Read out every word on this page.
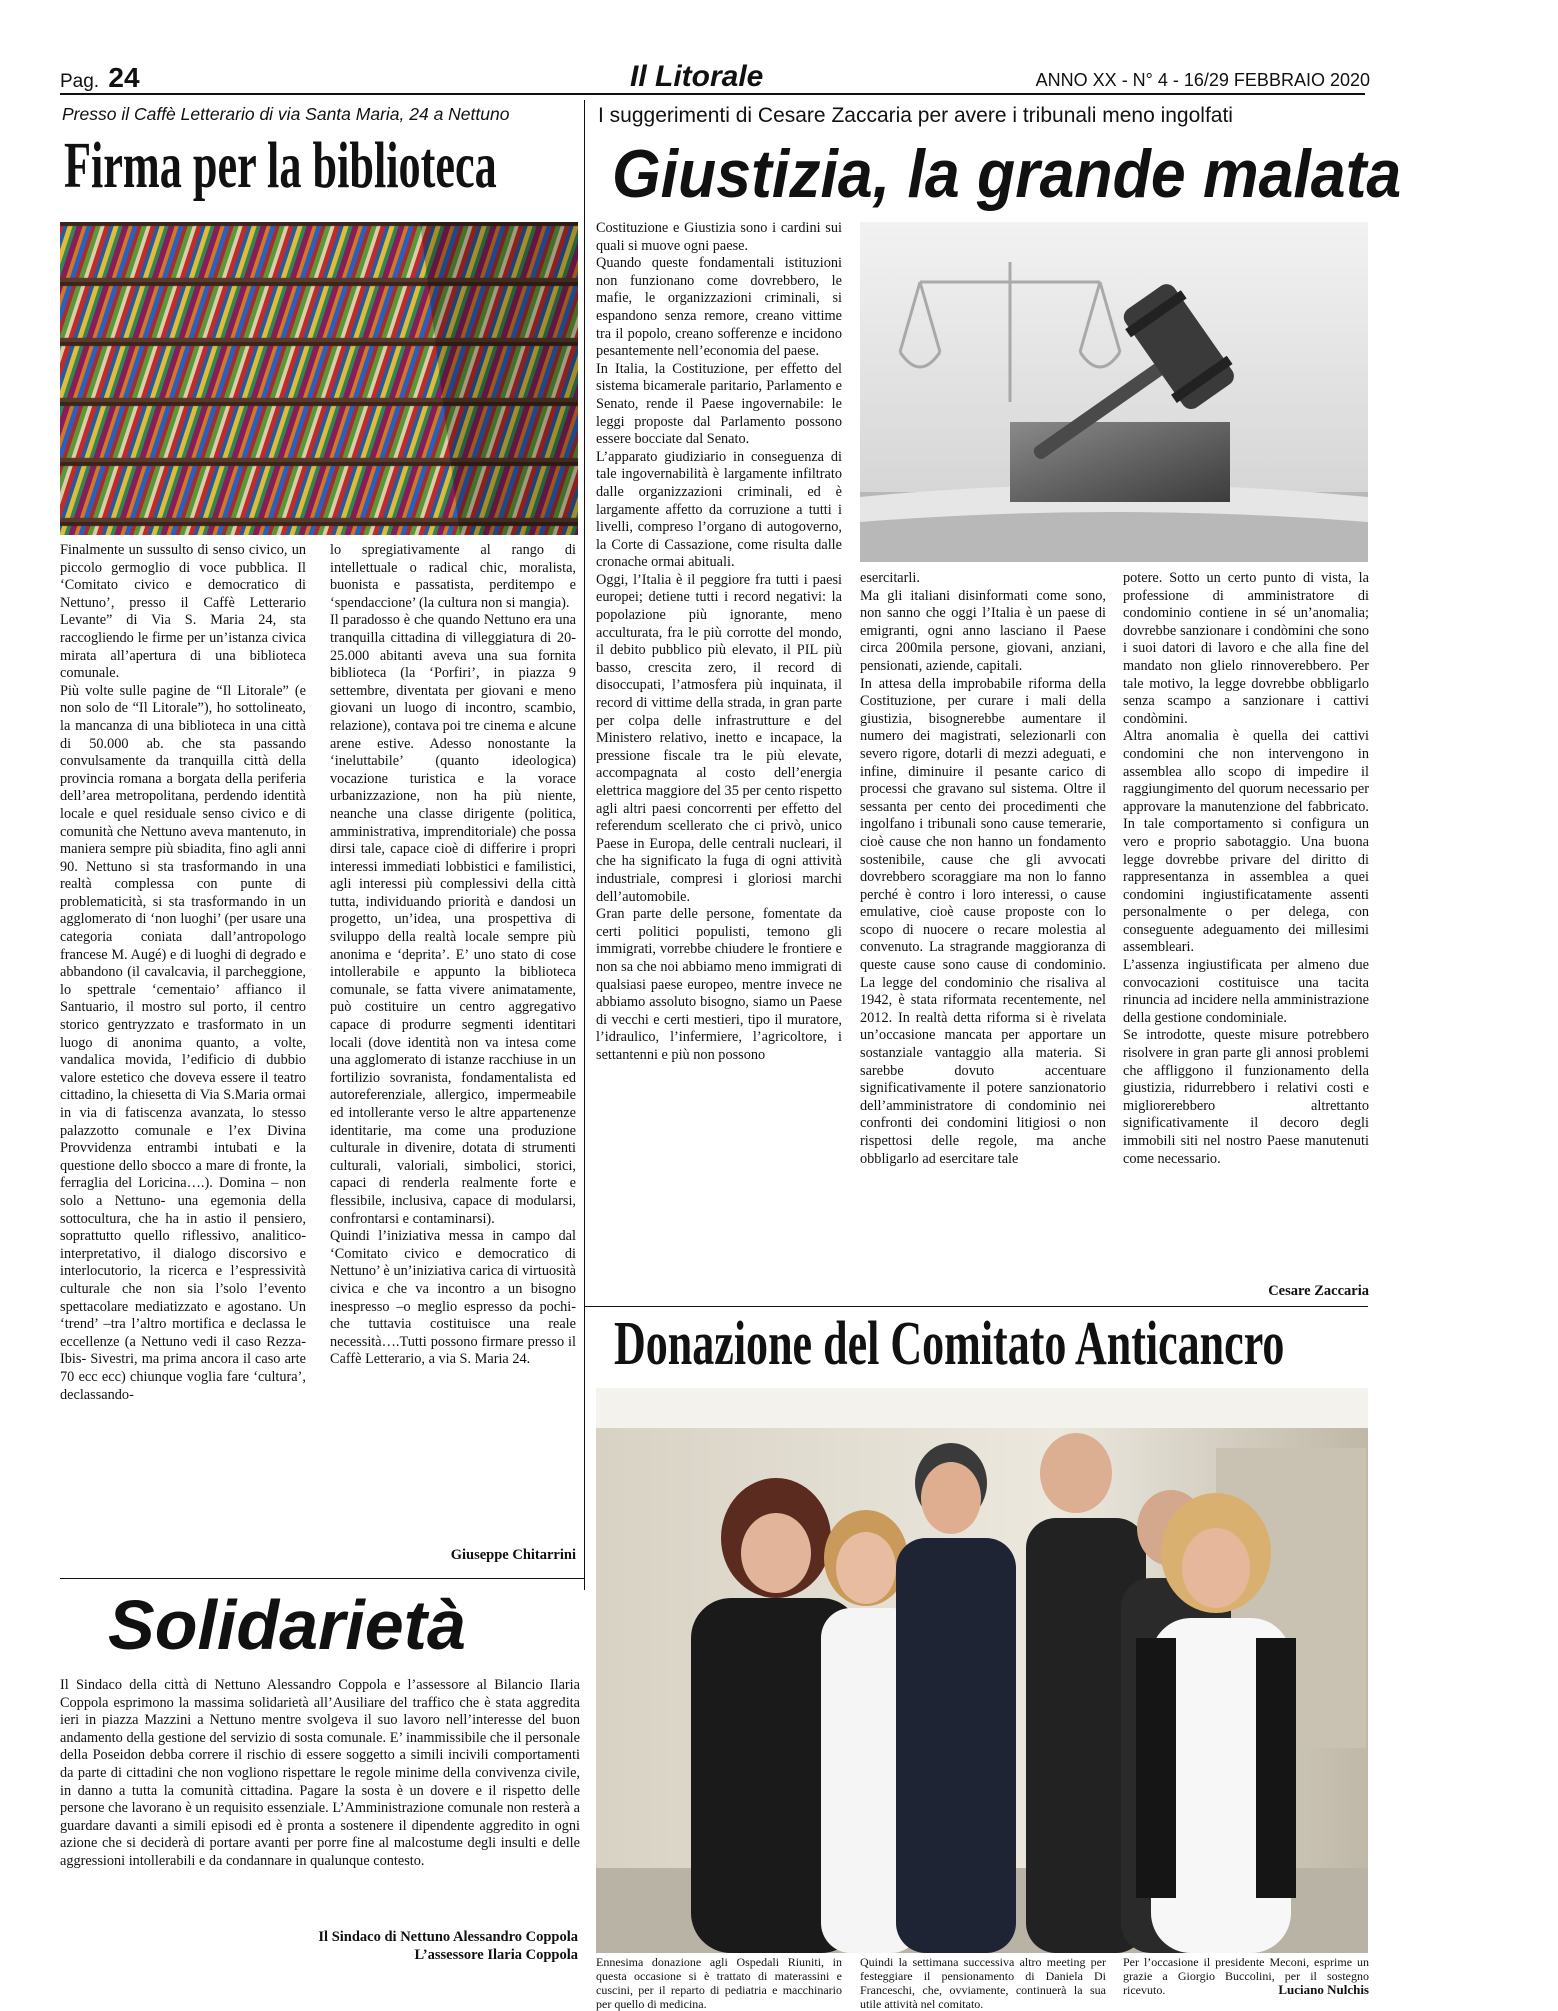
Pag. 24	Il Litorale	ANNO XX - N° 4 - 16/29 FEBBRAIO 2020
Presso il Caffè Letterario di via Santa Maria, 24 a Nettuno
Firma per la biblioteca

Finalmente un sussulto di senso civico, un piccolo germoglio di voce pubblica. Il ‘Comitato civico e democratico di Nettuno’, presso il Caffè Letterario Levante” di Via S. Maria 24, sta raccogliendo le firme per un’istanza civica mirata all’apertura di una biblioteca comunale.

Più volte sulle pagine de “Il Litorale” (e non solo de “Il Litorale”), ho sottolineato, la mancanza di una biblioteca in una città di 50.000 ab. che sta passando convulsamente da tranquilla città della provincia romana a borgata della periferia dell’area metropolitana, perdendo identità locale e quel residuale senso civico e di comunità che Nettuno aveva mantenuto, in maniera sempre più sbiadita, fino agli anni 90. Nettuno si sta trasformando in una realtà complessa con punte di problematicità, si sta trasformando in un agglomerato di ‘non luoghi’ (per usare una categoria coniata dall’antropologo francese M. Augé) e di luoghi di degrado e abbandono (il cavalcavia, il parcheggione, lo spettrale ‘cementaio’ affianco il Santuario, il mostro sul porto, il centro storico gentryzzato e trasformato in un luogo di anonima quanto, a volte, vandalica movida, l’edificio di dubbio valore estetico che doveva essere il teatro cittadino, la chiesetta di Via S.Maria ormai in via di fatiscenza avanzata, lo stesso palazzotto comunale e l’ex Divina Provvidenza entrambi intubati e la questione dello sbocco a mare di fronte, la ferraglia del Loricina….). Domina – non solo a Nettuno- una egemonia della sottocultura, che ha in astio il pensiero, soprattutto quello riflessivo, analitico-interpretativo, il dialogo discorsivo e interlocutorio, la ricerca e l’espressività culturale che non sia l’solo l’evento spettacolare mediatizzato e agostano. Un ‘trend’ –tra l’altro mortifica e declassa le eccellenze (a Nettuno vedi il caso Rezza-Ibis- Sivestri, ma prima ancora il caso arte 70 ecc ecc) chiunque voglia fare ‘cultura’, declassando-

lo spregiativamente al rango di intellettuale o radical chic, moralista, buonista e passatista, perditempo e ‘spendaccione’ (la cultura non si mangia).

Il paradosso è che quando Nettuno era una tranquilla cittadina di villeggiatura di 20-25.000 abitanti aveva una sua fornita biblioteca (la ‘Porfiri’, in piazza 9 settembre, diventata per giovani e meno giovani un luogo di incontro, scambio, relazione), contava poi tre cinema e alcune arene estive. Adesso nonostante la ‘ineluttabile’ (quanto ideologica) vocazione turistica e la vorace urbanizzazione, non ha più niente, neanche una classe dirigente (politica, amministrativa, imprenditoriale) che possa dirsi tale, capace cioè di differire i propri interessi immediati lobbistici e familistici, agli interessi più complessivi della città tutta, individuando priorità e dandosi un progetto, un’idea, una prospettiva di sviluppo della realtà locale sempre più anonima e ‘deprita’. E’ uno stato di cose intollerabile e appunto la biblioteca comunale, se fatta vivere animatamente, può costituire un centro aggregativo capace di produrre segmenti identitari locali (dove identità non va intesa come una agglomerato di istanze racchiuse in un fortilizio sovranista, fondamentalista ed autoreferenziale, allergico, impermeabile ed intollerante verso le altre appartenenze identitarie, ma come una produzione culturale in divenire, dotata di strumenti culturali, valoriali, simbolici, storici, capaci di renderla realmente forte e flessibile, inclusiva, capace di modularsi, confrontarsi e contaminarsi).

Quindi l’iniziativa messa in campo dal ‘Comitato civico e democratico di Nettuno’ è un’iniziativa carica di virtuosità civica e che va incontro a un bisogno inespresso –o meglio espresso da pochi- che tuttavia costituisce una reale necessità….Tutti possono firmare presso il Caffè Letterario, a via S. Maria 24.

Giuseppe Chitarrini
Solidarietà
Il Sindaco della città di Nettuno Alessandro Coppola e l’assessore al Bilancio Ilaria Coppola esprimono la massima solidarietà all’Ausiliare del traffico che è stata aggredita ieri in piazza Mazzini a Nettuno mentre svolgeva il suo lavoro nell’interesse del buon andamento della gestione del servizio di sosta comunale. E’ inammissibile che il personale della Poseidon debba correre il rischio di essere soggetto a simili incivili comportamenti da parte di cittadini che non vogliono rispettare le regole minime della convivenza civile, in danno a tutta la comunità cittadina. Pagare la sosta è un dovere e il rispetto delle persone che lavorano è un requisito essenziale. L’Amministrazione comunale non resterà a guardare davanti a simili episodi ed è pronta a sostenere il dipendente aggredito in ogni azione che si deciderà di portare avanti per porre fine al malcostume degli insulti e delle aggressioni intollerabili e da condannare in qualunque contesto.
Il Sindaco di Nettuno Alessandro Coppola
L’assessore Ilaria Coppola
I suggerimenti di Cesare Zaccaria per avere i tribunali meno ingolfati
Giustizia, la grande malata

Costituzione e Giustizia sono i cardini sui quali si muove ogni paese.

Quando queste fondamentali istituzioni non funzionano come dovrebbero, le mafie, le organizzazioni criminali, si espandono senza remore, creano vittime tra il popolo, creano sofferenze e incidono pesantemente nell’economia del paese.

In Italia, la Costituzione, per effetto del sistema bicamerale paritario, Parlamento e Senato, rende il Paese ingovernabile: le leggi proposte dal Parlamento possono essere bocciate dal Senato.

L’apparato giudiziario in conseguenza di tale ingovernabilità è largamente infiltrato dalle organizzazioni criminali, ed è largamente affetto da corruzione a tutti i livelli, compreso l’organo di autogoverno, la Corte di Cassazione, come risulta dalle cronache ormai abituali.

Oggi, l’Italia è il peggiore fra tutti i paesi europei; detiene tutti i record negativi: la popolazione più ignorante, meno acculturata, fra le più corrotte del mondo, il debito pubblico più elevato, il PIL più basso, crescita zero, il record di disoccupati, l’atmosfera più inquinata, il record di vittime della strada, in gran parte per colpa delle infrastrutture e del Ministero relativo, inetto e incapace, la pressione fiscale tra le più elevate, accompagnata al costo dell’energia elettrica maggiore del 35 per cento rispetto agli altri paesi concorrenti per effetto del referendum scellerato che ci privò, unico Paese in Europa, delle centrali nucleari, il che ha significato la fuga di ogni attività industriale, compresi i gloriosi marchi dell’automobile.

Gran parte delle persone, fomentate da certi politici populisti, temono gli immigrati, vorrebbe chiudere le frontiere e non sa che noi abbiamo meno immigrati di qualsiasi paese europeo, mentre invece ne abbiamo assoluto bisogno, siamo un Paese di vecchi e certi mestieri, tipo il muratore, l’idraulico, l’infermiere, l’agricoltore, i settantenni e più non possono

esercitarli.

Ma gli italiani disinformati come sono, non sanno che oggi l’Italia è un paese di emigranti, ogni anno lasciano il Paese circa 200mila persone, giovani, anziani, pensionati, aziende, capitali.

In attesa della improbabile riforma della Costituzione, per curare i mali della giustizia, bisognerebbe aumentare il numero dei magistrati, selezionarli con severo rigore, dotarli di mezzi adeguati, e infine, diminuire il pesante carico di processi che gravano sul sistema. Oltre il sessanta per cento dei procedimenti che ingolfano i tribunali sono cause temerarie, cioè cause che non hanno un fondamento sostenibile, cause che gli avvocati dovrebbero scoraggiare ma non lo fanno perché è contro i loro interessi, o cause emulative, cioè cause proposte con lo scopo di nuocere o recare molestia al convenuto. La stragrande maggioranza di queste cause sono cause di condominio. La legge del condominio che risaliva al 1942, è stata riformata recentemente, nel 2012. In realtà detta riforma si è rivelata un’occasione mancata per apportare un sostanziale vantaggio alla materia. Si sarebbe dovuto accentuare significativamente il potere sanzionatorio dell’amministratore di condominio nei confronti dei condomini litigiosi o non rispettosi delle regole, ma anche obbligarlo ad esercitare tale

potere. Sotto un certo punto di vista, la professione di amministratore di condominio contiene in sé un’anomalia; dovrebbe sanzionare i condòmini che sono i suoi datori di lavoro e che alla fine del mandato non glielo rinnoverebbero. Per tale motivo, la legge dovrebbe obbligarlo senza scampo a sanzionare i cattivi condòmini.

Altra anomalia è quella dei cattivi condomini che non intervengono in assemblea allo scopo di impedire il raggiungimento del quorum necessario per approvare la manutenzione del fabbricato. In tale comportamento si configura un vero e proprio sabotaggio. Una buona legge dovrebbe privare del diritto di rappresentanza in assemblea a quei condomini ingiustificatamente assenti personalmente o per delega, con conseguente adeguamento dei millesimi assembleari.

L’assenza ingiustificata per almeno due convocazioni costituisce una tacita rinuncia ad incidere nella amministrazione della gestione condominiale.

Se introdotte, queste misure potrebbero risolvere in gran parte gli annosi problemi che affliggono il funzionamento della giustizia, ridurrebbero i relativi costi e migliorerebbero altrettanto significativamente il decoro degli immobili siti nel nostro Paese manutenuti come necessario.

Cesare Zaccaria
Donazione del Comitato Anticancro
Ennesima donazione agli Ospedali Riuniti, in questa occasione si è trattato di materassini e cuscini, per il reparto di pediatria e macchinario per quello di medicina.
Quindi la settimana successiva altro meeting per festeggiare il pensionamento di Daniela Di Franceschi, che, ovviamente, continuerà la sua utile attività nel comitato.
Per l’occasione il presidente Meconi, esprime un grazie a Giorgio Buccolini, per il sostegno ricevuto.	Luciano Nulchis
